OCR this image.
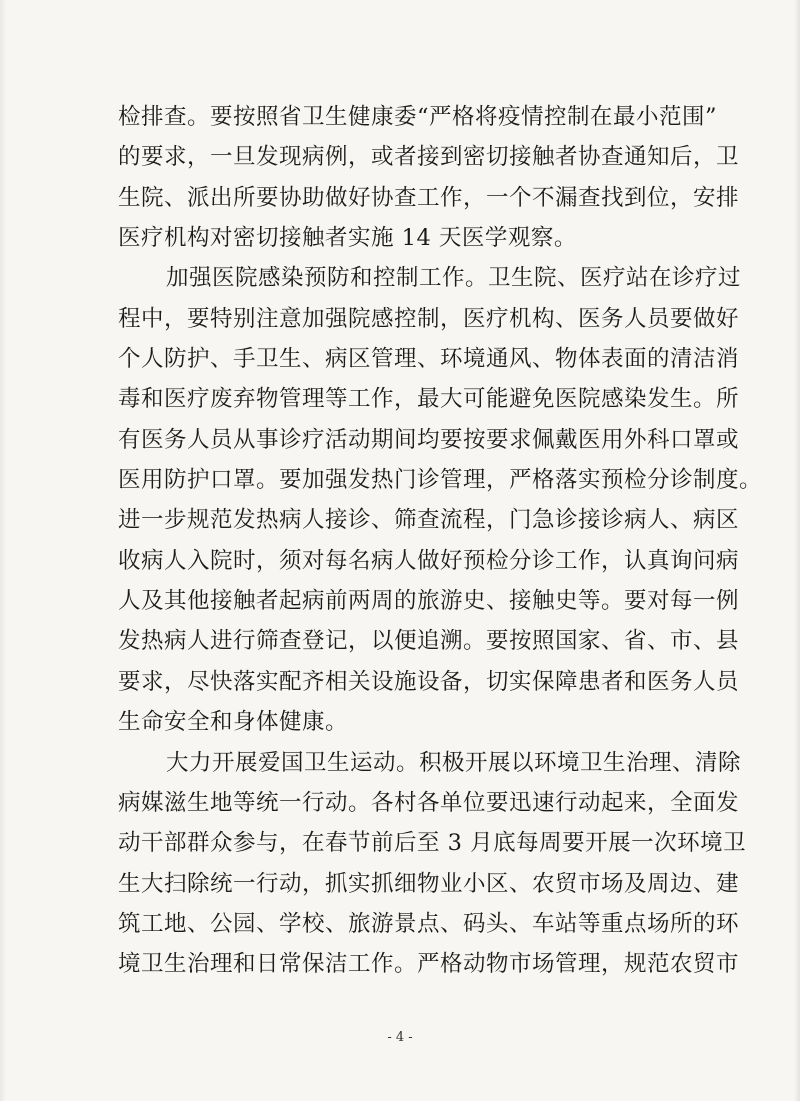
检排查。要按照省卫生健康委“严格将疫情控制在最小范围”
的要求，一旦发现病例，或者接到密切接触者协查通知后，卫
生院、派出所要协助做好协查工作，一个不漏查找到位，安排
医疗机构对密切接触者实施 14 天医学观察。
加强医院感染预防和控制工作。卫生院、医疗站在诊疗过
程中，要特别注意加强院感控制，医疗机构、医务人员要做好
个人防护、手卫生、病区管理、环境通风、物体表面的清洁消
毒和医疗废弃物管理等工作，最大可能避免医院感染发生。所
有医务人员从事诊疗活动期间均要按要求佩戴医用外科口罩或
医用防护口罩。要加强发热门诊管理，严格落实预检分诊制度。
进一步规范发热病人接诊、筛查流程，门急诊接诊病人、病区
收病人入院时，须对每名病人做好预检分诊工作，认真询问病
人及其他接触者起病前两周的旅游史、接触史等。要对每一例
发热病人进行筛查登记，以便追溯。要按照国家、省、市、县
要求，尽快落实配齐相关设施设备，切实保障患者和医务人员
生命安全和身体健康。
大力开展爱国卫生运动。积极开展以环境卫生治理、清除
病媒滋生地等统一行动。各村各单位要迅速行动起来，全面发
动干部群众参与，在春节前后至 3 月底每周要开展一次环境卫
生大扫除统一行动，抓实抓细物业小区、农贸市场及周边、建
筑工地、公园、学校、旅游景点、码头、车站等重点场所的环
境卫生治理和日常保洁工作。严格动物市场管理，规范农贸市
- 4 -
